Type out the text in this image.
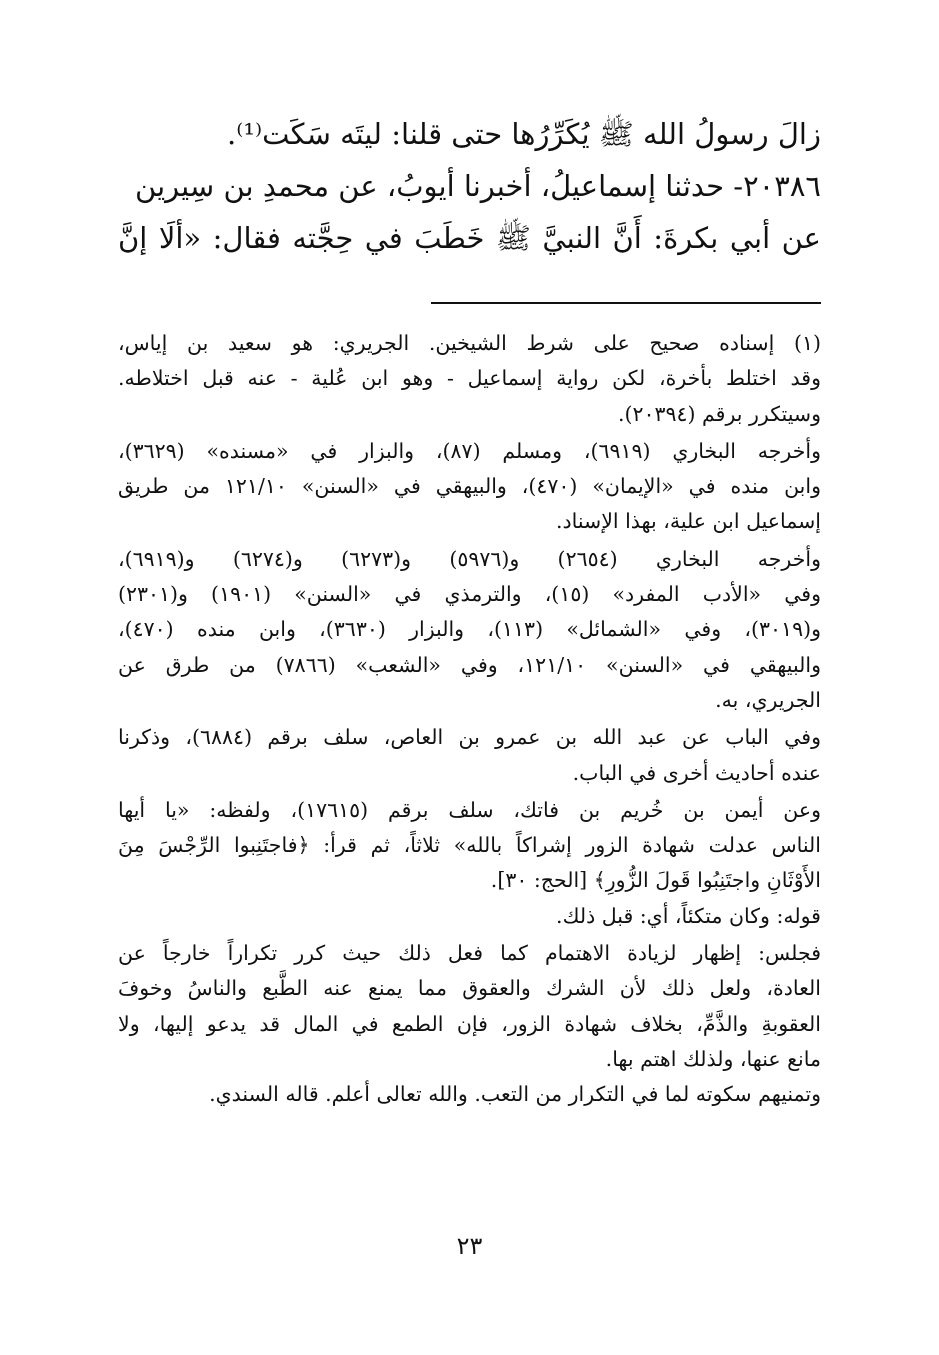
زالَ رسولُ الله ﷺ يُكَرِّرُها حتى قلنا: ليتَه سَكَت⁽¹⁾.

٢٠٣٨٦- حدثنا إسماعيلُ، أخبرنا أيوبُ، عن محمدِ بن سِيرين

عن أبي بكرةَ: أَنَّ النبيَّ ﷺ خَطَبَ في حِجَّته فقال: «ألَا إنَّ

(١) إسناده صحيح على شرط الشيخين. الجريري: هو سعيد بن إياس،

وقد اختلط بأخرة، لكن رواية إسماعيل - وهو ابن عُلية - عنه قبل اختلاطه.

وسيتكرر برقم (٢٠٣٩٤).

وأخرجه البخاري (٦٩١٩)، ومسلم (٨٧)، والبزار في «مسنده» (٣٦٢٩)،

وابن منده في «الإيمان» (٤٧٠)، والبيهقي في «السنن» ١٢١/١٠ من طريق

إسماعيل ابن علية، بهذا الإسناد.

وأخرجه البخاري (٢٦٥٤) و(٥٩٧٦) و(٦٢٧٣) و(٦٢٧٤) و(٦٩١٩)،

وفي «الأدب المفرد» (١٥)، والترمذي في «السنن» (١٩٠١) و(٢٣٠١)

و(٣٠١٩)، وفي «الشمائل» (١١٣)، والبزار (٣٦٣٠)، وابن منده (٤٧٠)،

والبيهقي في «السنن» ١٢١/١٠، وفي «الشعب» (٧٨٦٦) من طرق عن

الجريري، به.

وفي الباب عن عبد الله بن عمرو بن العاص، سلف برقم (٦٨٨٤)، وذكرنا

عنده أحاديث أخرى في الباب.

وعن أيمن بن خُريم بن فاتك، سلف برقم (١٧٦١٥)، ولفظه: «يا أيها

الناس عدلت شهادة الزور إشراكاً بالله» ثلاثاً، ثم قرأ: ﴿فاجتَنِبوا الرِّجْسَ مِنَ

الأَوْثَانِ واجتَنِبُوا قَولَ الزُّورِ﴾ [الحج: ٣٠].

قوله: وكان متكئاً، أي: قبل ذلك.

فجلس: إظهار لزيادة الاهتمام كما فعل ذلك حيث كرر تكراراً خارجاً عن

العادة، ولعل ذلك لأن الشرك والعقوق مما يمنع عنه الطَّبع والناسُ وخوفَ

العقوبةِ والذَّمِّ، بخلاف شهادة الزور، فإن الطمع في المال قد يدعو إليها، ولا

مانع عنها، ولذلك اهتم بها.

وتمنيهم سكوته لما في التكرار من التعب. والله تعالى أعلم. قاله السندي.

٢٣
